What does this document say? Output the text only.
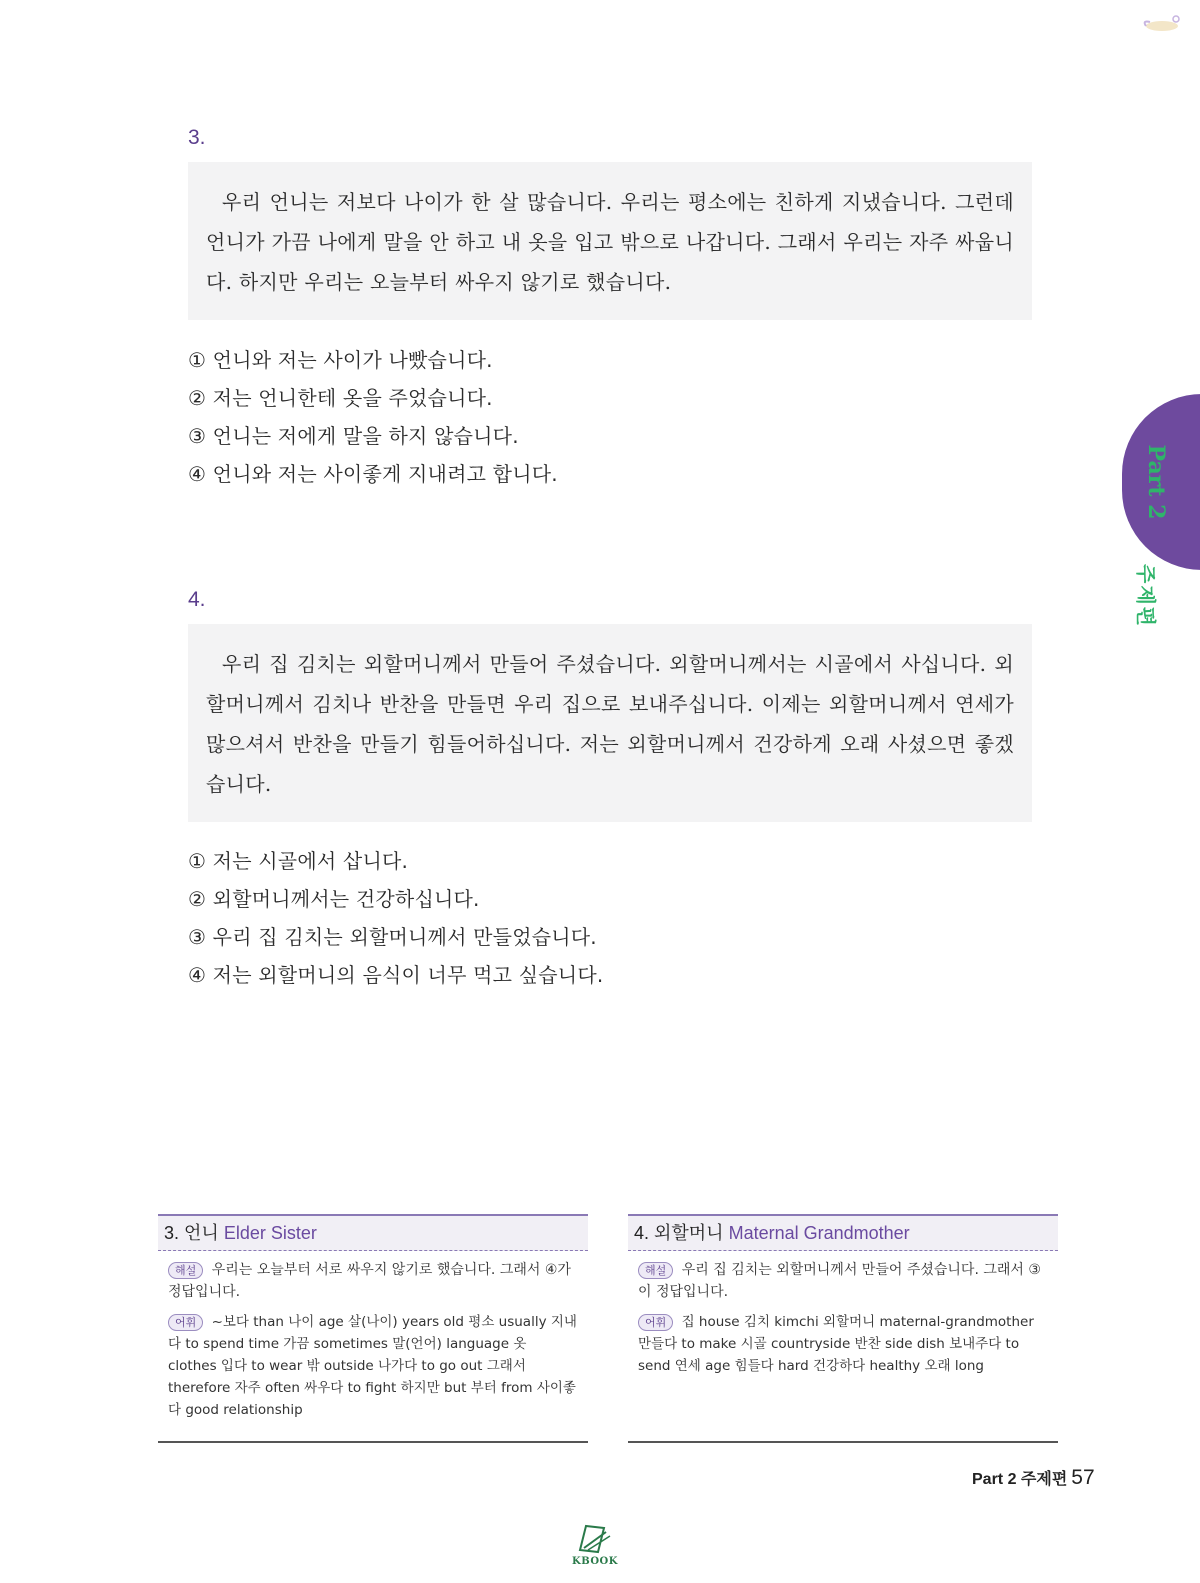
3.
우리 언니는 저보다 나이가 한 살 많습니다. 우리는 평소에는 친하게 지냈습니다. 그런데 언니가 가끔 나에게 말을 안 하고 내 옷을 입고 밖으로 나갑니다. 그래서 우리는 자주 싸웁니다. 하지만 우리는 오늘부터 싸우지 않기로 했습니다.
① 언니와 저는 사이가 나빴습니다.
② 저는 언니한테 옷을 주었습니다.
③ 언니는 저에게 말을 하지 않습니다.
④ 언니와 저는 사이좋게 지내려고 합니다.
4.
우리 집 김치는 외할머니께서 만들어 주셨습니다. 외할머니께서는 시골에서 사십니다. 외할머니께서 김치나 반찬을 만들면 우리 집으로 보내주십니다. 이제는 외할머니께서 연세가 많으셔서 반찬을 만들기 힘들어하십니다. 저는 외할머니께서 건강하게 오래 사셨으면 좋겠습니다.
① 저는 시골에서 삽니다.
② 외할머니께서는 건강하십니다.
③ 우리 집 김치는 외할머니께서 만들었습니다.
④ 저는 외할머니의 음식이 너무 먹고 싶습니다.
Part 2
주제편
3. 언니 Elder Sister
해설 우리는 오늘부터 서로 싸우지 않기로 했습니다. 그래서 ④가 정답입니다.
어휘 ~보다 than 나이 age 살(나이) years old 평소 usually 지내다 to spend time 가끔 sometimes 말(언어) language 옷 clothes 입다 to wear 밖 outside 나가다 to go out 그래서 therefore 자주 often 싸우다 to fight 하지만 but 부터 from 사이좋다 good relationship
4. 외할머니 Maternal Grandmother
해설 우리 집 김치는 외할머니께서 만들어 주셨습니다. 그래서 ③이 정답입니다.
어휘 집 house 김치 kimchi 외할머니 maternal-grandmother 만들다 to make 시골 countryside 반찬 side dish 보내주다 to send 연세 age 힘들다 hard 건강하다 healthy 오래 long
Part 2 주제편 57
KBOOK
